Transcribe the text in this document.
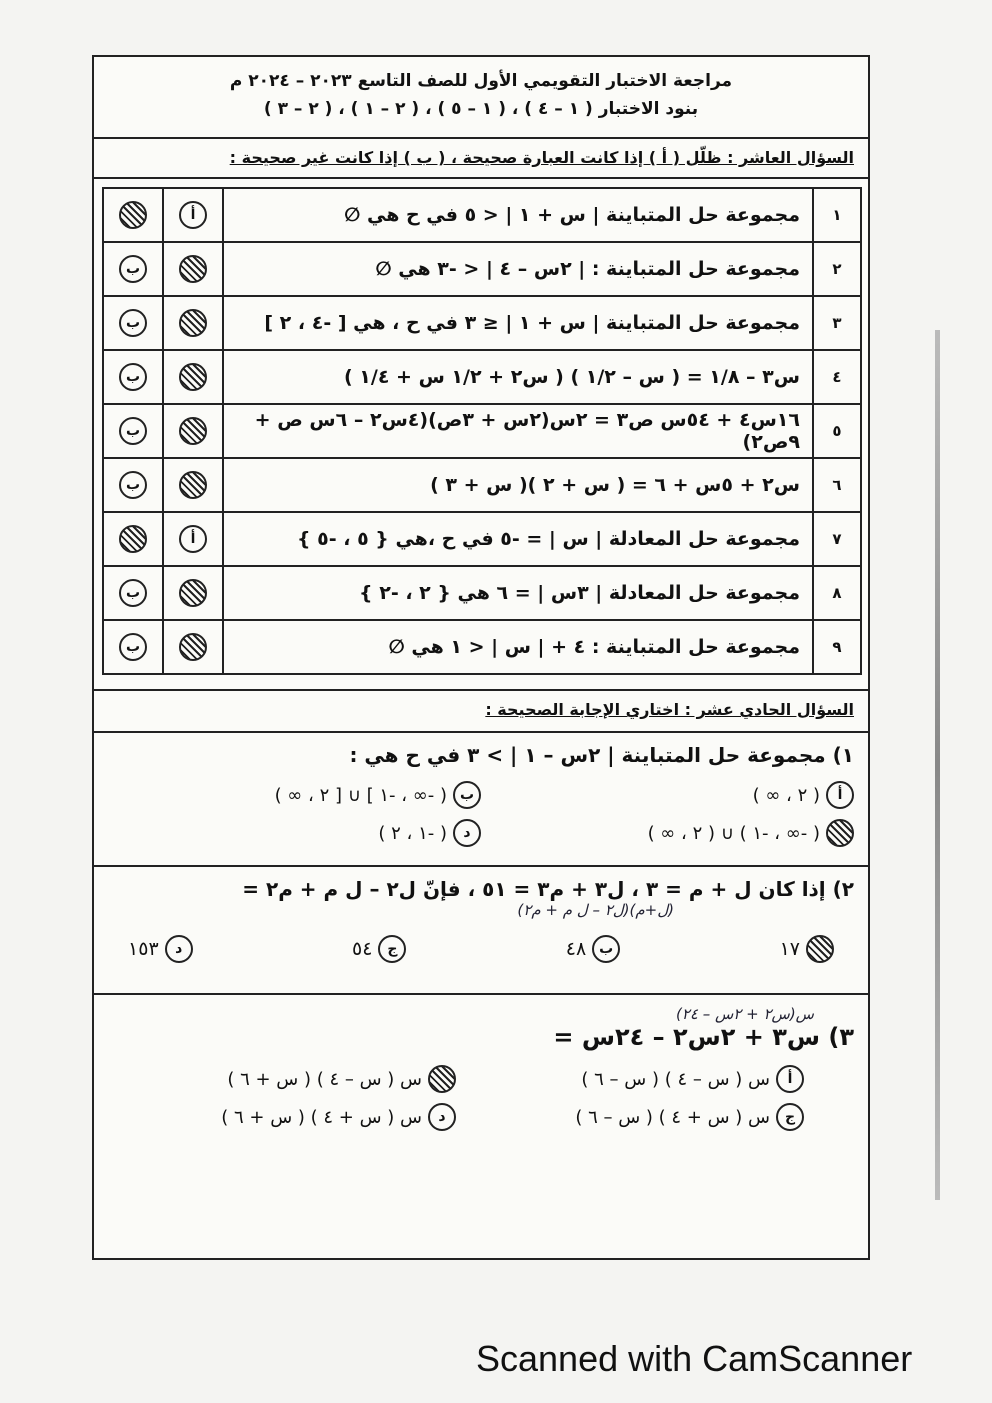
مراجعة الاختبار التقويمي الأول للصف التاسع ٢٠٢٣ – ٢٠٢٤ م
بنود الاختبار ( ١ – ٤ ) ، ( ١ – ٥ ) ، ( ٢ – ١ ) ، ( ٢ – ٣ )
السؤال العاشر : ظلّل ( أ ) إذا كانت العبارة صحيحة ، ( ب ) إذا كانت غير صحيحة :
١	مجموعة حل المتباينة | س + ١ | < ٥ في ح هي ∅	أ	
٢	مجموعة حل المتباينة : | ٢س – ٤ | < -٣ هي ∅		ب
٣	مجموعة حل المتباينة | س + ١ | ≤ ٣ في ح ، هي [ -٤ ، ٢ ]		ب
٤	س٣ – ١/٨ = ( س – ١/٢ ) ( س٢ + ١/٢ س + ١/٤ )		ب
٥	١٦س٤ + ٥٤س ص٣ = ٢س(٢س + ٣ص)(٤س٢ – ٦س ص + ٩ص٢)		ب
٦	س٢ + ٥س + ٦ = ( س + ٢ )( س + ٣ )		ب
٧	مجموعة حل المعادلة | س | = -٥ في ح ،هي { ٥ ، -٥ }	أ	
٨	مجموعة حل المعادلة | ٣س | = ٦ هي { ٢ ، -٢ }		ب
٩	مجموعة حل المتباينة : ٤ + | س | < ١ هي ∅		ب
السؤال الحادي عشر : اختاري الإجابة الصحيحة :
١) مجموعة حل المتباينة | ٢س – ١ | > ٣ في ح هي :
أ
( ٢ ، ∞ )
ب
( -∞ ، -١ ] ∪ [ ٢ ، ∞ )
( -∞ ، -١ ) ∪ ( ٢ ، ∞ )
د
( -١ ، ٢ )
٢) إذا كان ل + م = ٣ ، ل٣ + م٣ = ٥١ ، فإنّ ل٢ – ل م + م٢ =
(ل+م)(ل٢ – ل م + م٢)
١٧
ب
٤٨
ج
٥٤
د
١٥٣
س(س٢ + ٢س – ٢٤)
٣) س٣ + ٢س٢ – ٢٤س =
أ
س ( س – ٤ ) ( س – ٦ )
س ( س – ٤ ) ( س + ٦ )
ج
س ( س + ٤ ) ( س – ٦ )
د
س ( س + ٤ ) ( س + ٦ )
Scanned with CamScanner
